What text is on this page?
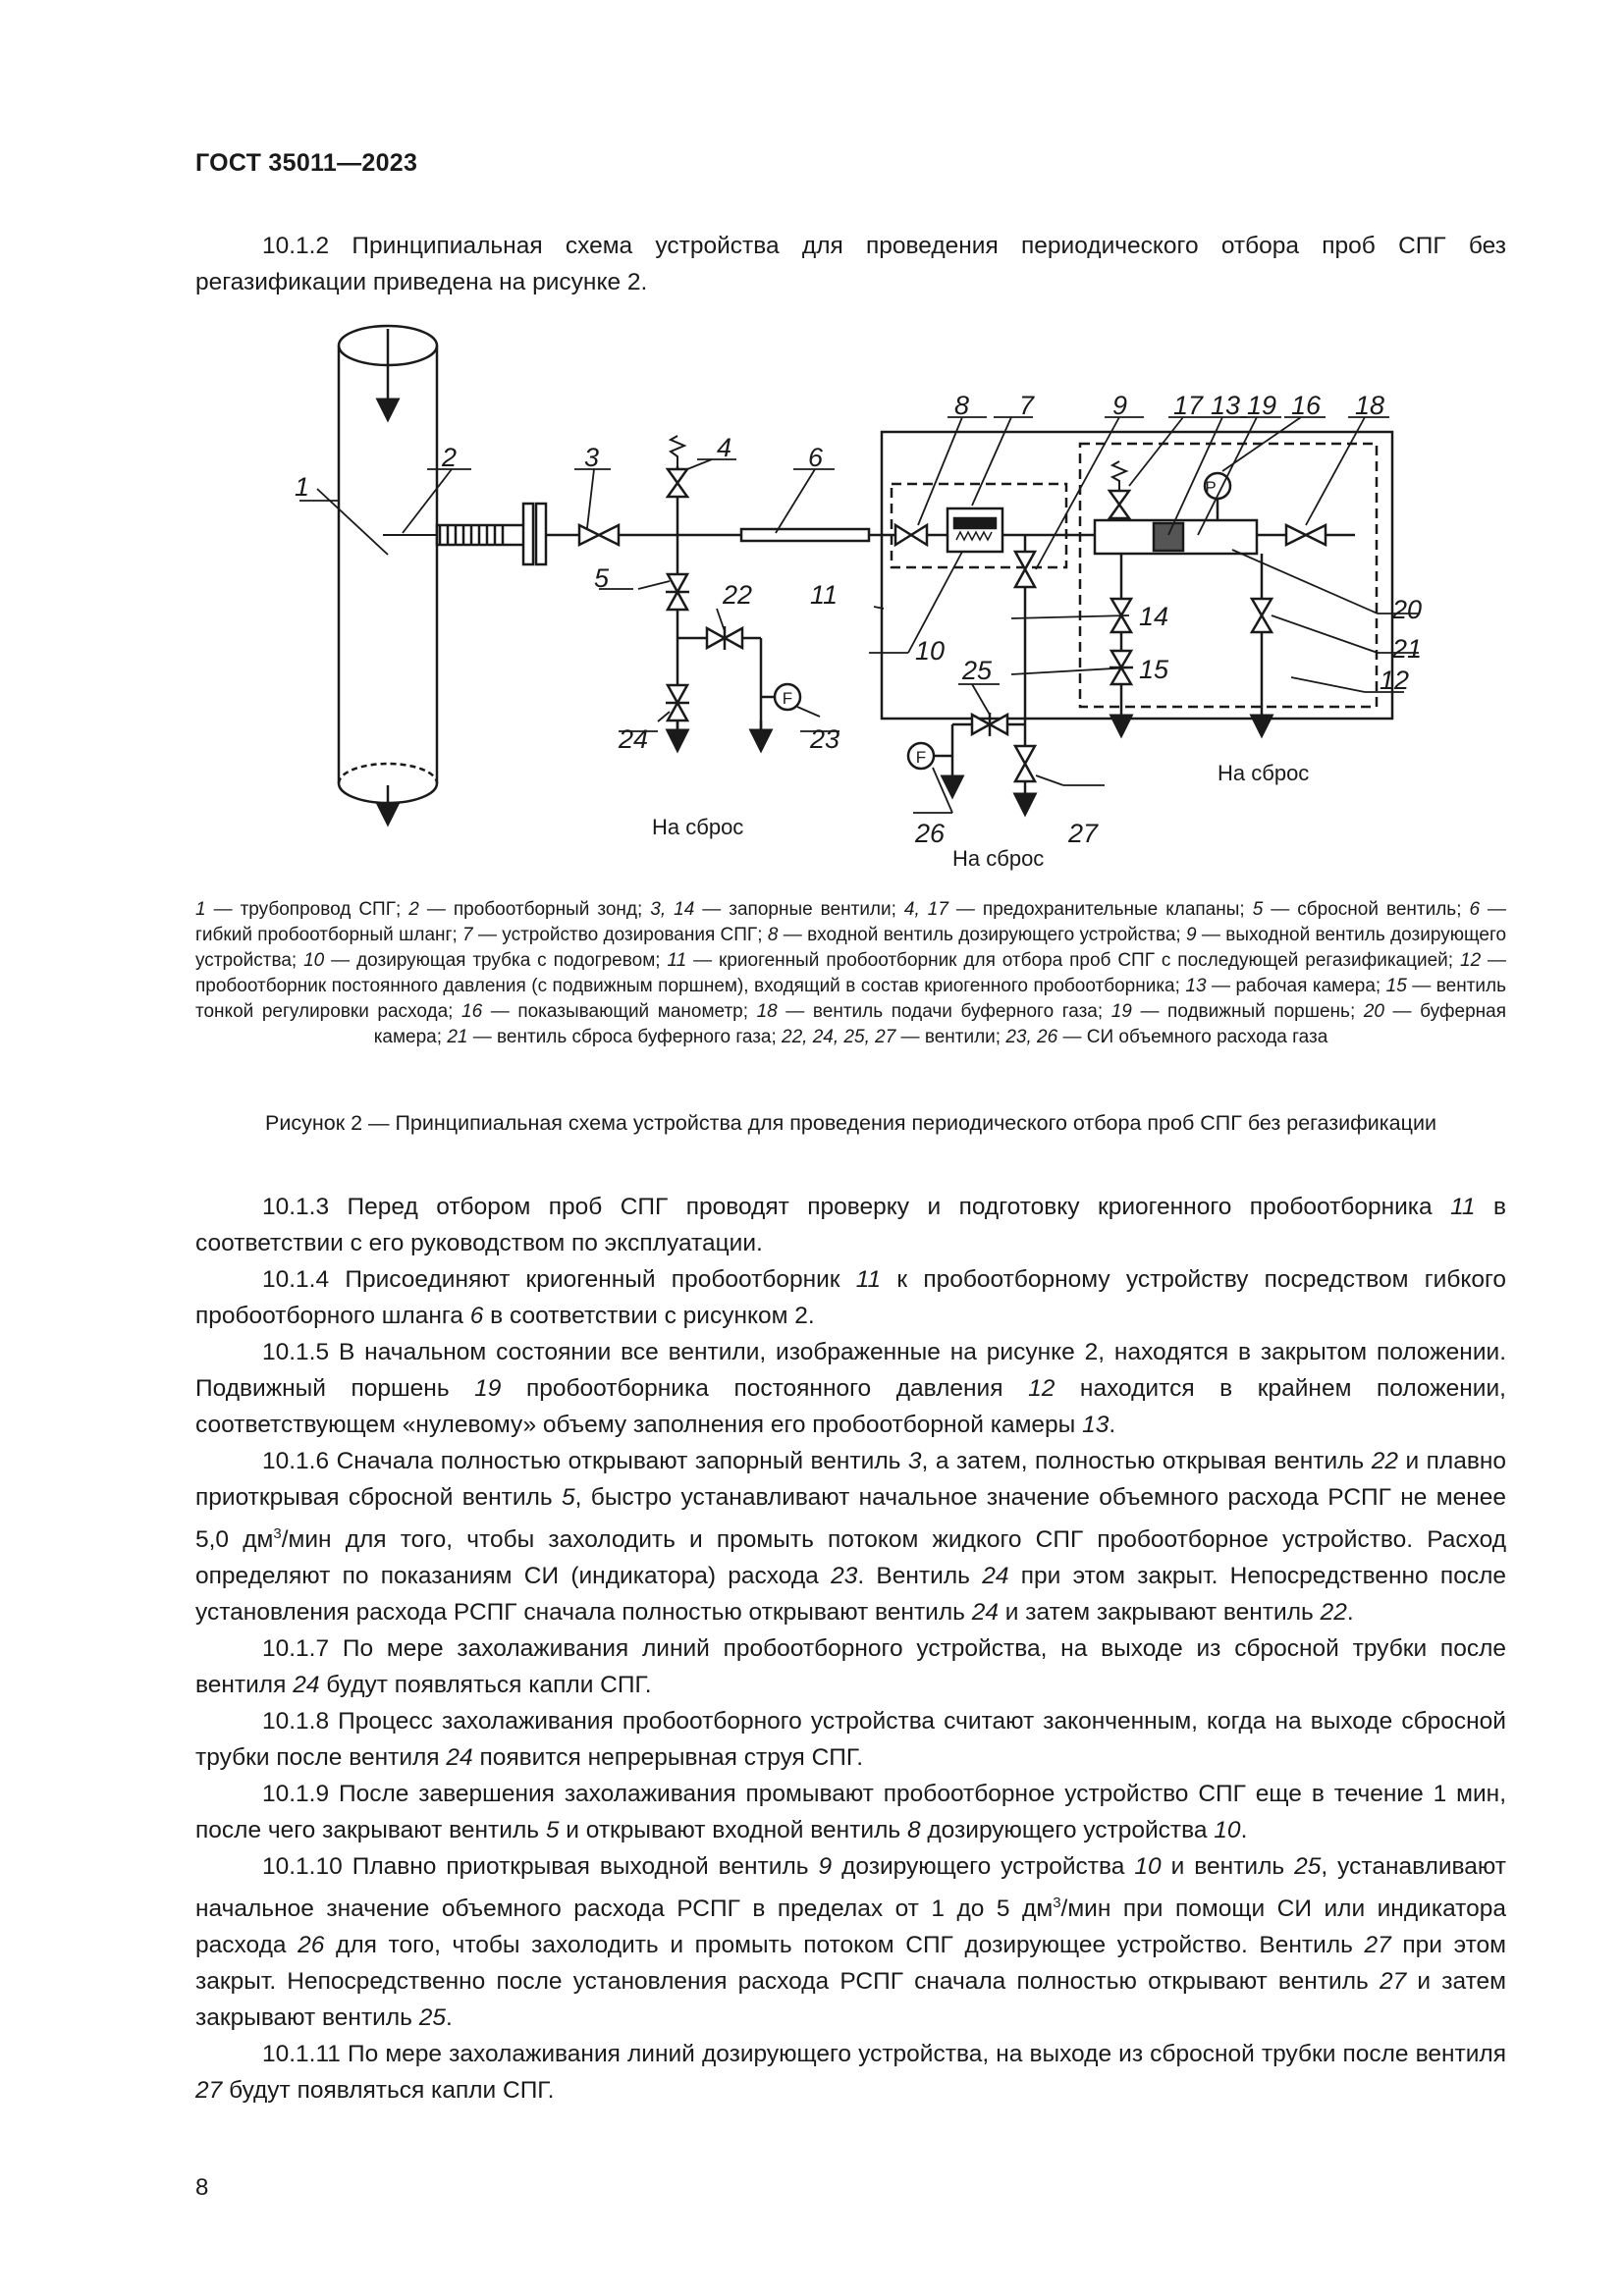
ГОСТ 35011—2023
10.1.2 Принципиальная схема устройства для проведения периодического отбора проб СПГ без регазификации приведена на рисунке 2.
1
2	3	4
5
6
7
8	9
10
11
12
13
14
15
16
17	18
19
20
21
22
23
24
25
26	27
P
F
F
На сброс
На сброс
На сброс
1 — трубопровод СПГ; 2 — пробоотборный зонд; 3, 14 — запорные вентили; 4, 17 — предохранительные клапаны; 5 — сбросной вентиль; 6 — гибкий пробоотборный шланг; 7 — устройство дозирования СПГ; 8 — входной вентиль дозирующего устройства; 9 — выходной вентиль дозирующего устройства; 10 — дозирующая трубка с подогревом; 11 — криогенный пробоотборник для отбора проб СПГ с последующей регазификацией; 12 — пробоотборник постоянного давления (с подвижным поршнем), входящий в состав криогенного пробоотборника; 13 — рабочая камера; 15 — вентиль тонкой регулировки расхода; 16 — показывающий манометр; 18 — вентиль подачи буферного газа; 19 — подвижный поршень; 20 — буферная камера; 21 — вентиль сброса буферного газа; 22, 24, 25, 27 — вентили; 23, 26 — СИ объемного расхода газа
Рисунок 2 — Принципиальная схема устройства для проведения периодического отбора проб СПГ без регазификации

10.1.3 Перед отбором проб СПГ проводят проверку и подготовку криогенного пробоотборника 11 в соответствии с его руководством по эксплуатации.

10.1.4 Присоединяют криогенный пробоотборник 11 к пробоотборному устройству посредством гибкого пробоотборного шланга 6 в соответствии с рисунком 2.

10.1.5 В начальном состоянии все вентили, изображенные на рисунке 2, находятся в закрытом положении. Подвижный поршень 19 пробоотборника постоянного давления 12 находится в крайнем положении, соответствующем «нулевому» объему заполнения его пробоотборной камеры 13.

10.1.6 Сначала полностью открывают запорный вентиль 3, а затем, полностью открывая вентиль 22 и плавно приоткрывая сбросной вентиль 5, быстро устанавливают начальное значение объемного расхода РСПГ не менее 5,0 $дм^3$/мин для того, чтобы захолодить и промыть потоком жидкого СПГ пробоотборное устройство. Расход определяют по показаниям СИ (индикатора) расхода 23. Вентиль 24 при этом закрыт. Непосредственно после установления расхода РСПГ сначала полностью открывают вентиль 24 и затем закрывают вентиль 22.

10.1.7 По мере захолаживания линий пробоотборного устройства, на выходе из сбросной трубки после вентиля 24 будут появляться капли СПГ.

10.1.8 Процесс захолаживания пробоотборного устройства считают законченным, когда на выходе сбросной трубки после вентиля 24 появится непрерывная струя СПГ.

10.1.9 После завершения захолаживания промывают пробоотборное устройство СПГ еще в течение 1 мин, после чего закрывают вентиль 5 и открывают входной вентиль 8 дозирующего устройства 10.

10.1.10 Плавно приоткрывая выходной вентиль 9 дозирующего устройства 10 и вентиль 25, устанавливают начальное значение объемного расхода РСПГ в пределах от 1 до 5 $дм^3$/мин при помощи СИ или индикатора расхода 26 для того, чтобы захолодить и промыть потоком СПГ дозирующее устройство. Вентиль 27 при этом закрыт. Непосредственно после установления расхода РСПГ сначала полностью открывают вентиль 27 и затем закрывают вентиль 25.

10.1.11 По мере захолаживания линий дозирующего устройства, на выходе из сбросной трубки после вентиля 27 будут появляться капли СПГ.

8
